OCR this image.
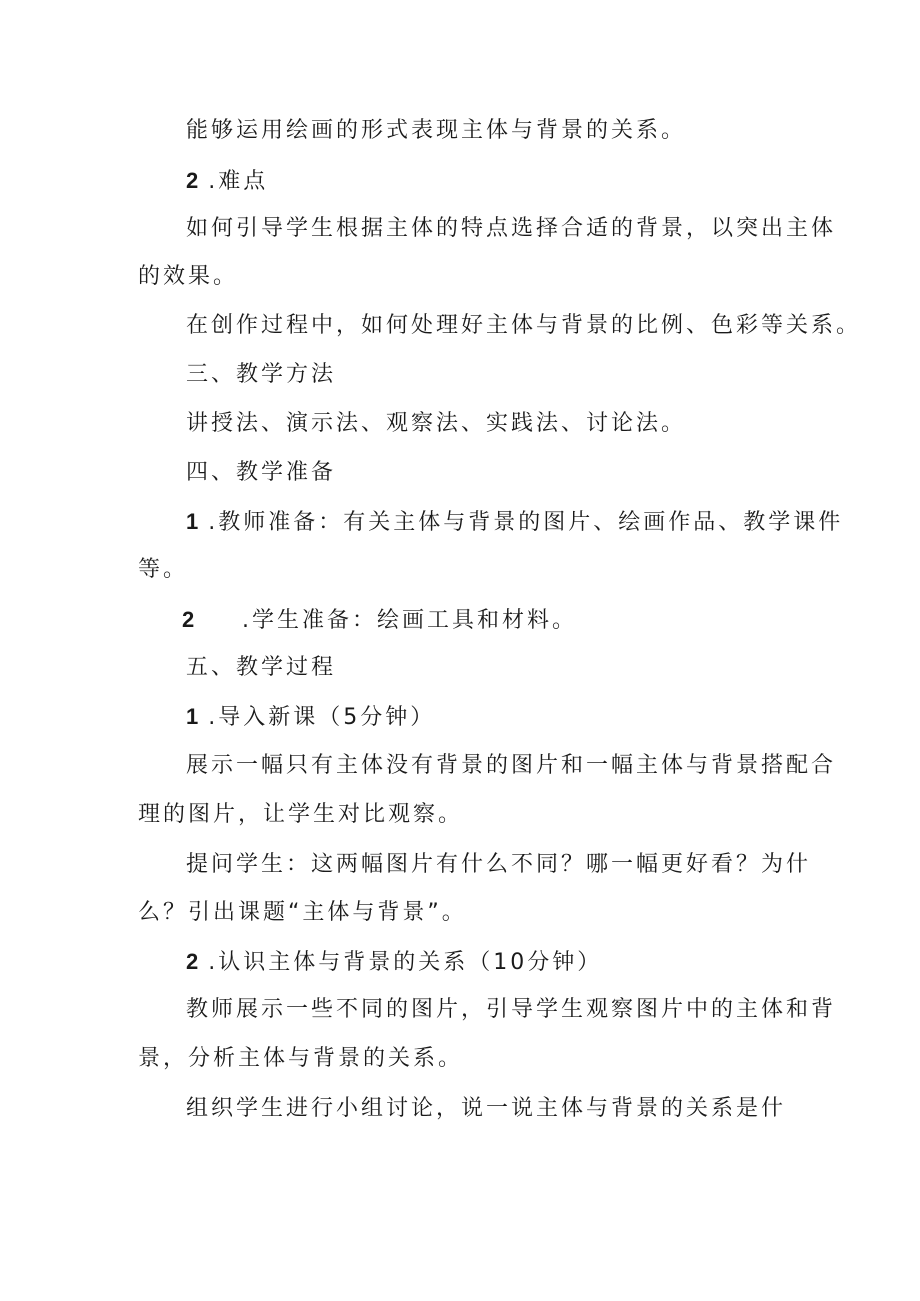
能够运用绘画的形式表现主体与背景的关系。
2 .难点
如何引导学生根据主体的特点选择合适的背景，以突出主体
的效果。
在创作过程中，如何处理好主体与背景的比例、色彩等关系。
三、教学方法
讲授法、演示法、观察法、实践法、讨论法。
四、教学准备
1 .教师准备：有关主体与背景的图片、绘画作品、教学课件
等。
2 .学生准备：绘画工具和材料。
五、教学过程
1 .导入新课（5分钟）
展示一幅只有主体没有背景的图片和一幅主体与背景搭配合
理的图片，让学生对比观察。
提问学生：这两幅图片有什么不同？哪一幅更好看？为什
么？引出课题“主体与背景”。
2 .认识主体与背景的关系（10分钟）
教师展示一些不同的图片，引导学生观察图片中的主体和背
景，分析主体与背景的关系。
组织学生进行小组讨论，说一说主体与背景的关系是什
